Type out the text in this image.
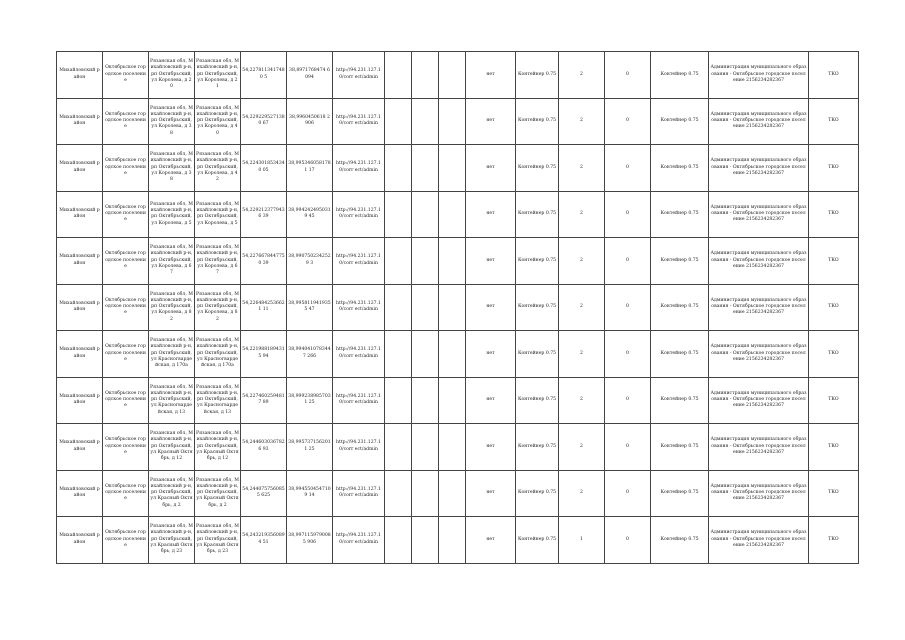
Михайловский район	Октябрьское городское поселение	Рязанская обл, Михайловский р-н, рп Октябрьский, ул Королева, д 20	Рязанская обл, Михайловский р-н, рп Октябрьский, ул Королева, д 21	54,2278113417480 5	38,8971768474 6094	http://94.231.127.10/corr ect/admin				нет	Контейнер 0.75	2	0	Контейнер 0.75	Администрация муниципального образования - Октябрьское городское поселение 2156234282367	ТКО
Михайловский район	Октябрьское городское поселение	Рязанская обл, Михайловский р-н, рп Октябрьский, ул Королева, д 38	Рязанская обл, Михайловский р-н, рп Октябрьский, ул Королева, д 40	54,2292295271380 67	38,9960450618 2906	http://94.231.127.10/corr ect/admin				нет	Контейнер 0.75	2	0	Контейнер 0.75	Администрация муниципального образования - Октябрьское городское поселение 2156234282367	ТКО
Михайловский район	Октябрьское городское поселение	Рязанская обл, Михайловский р-н, рп Октябрьский, ул Королева, д 38	Рязанская обл, Михайловский р-н, рп Октябрьский, ул Королева, д 42	54,2243018534340 05	38,9953460581781 17	http://94.231.127.10/corr ect/admin				нет	Контейнер 0.75	2	0	Контейнер 0.75	Администрация муниципального образования - Октябрьское городское поселение 2156234282367	ТКО
Михайловский район	Октябрьское городское поселение	Рязанская обл, Михайловский р-н, рп Октябрьский, ул Королева, д 5	Рязанская обл, Михайловский р-н, рп Октябрьский, ул Королева, д 5	54,2292123779436 39	38,9942424950319 45	http://94.231.127.10/corr ect/admin				нет	Контейнер 0.75	2	0	Контейнер 0.75	Администрация муниципального образования - Октябрьское городское поселение 2156234282367	ТКО
Михайловский район	Октябрьское городское поселение	Рязанская обл, Михайловский р-н, рп Октябрьский, ул Королева, д 67	Рязанская обл, Михайловский р-н, рп Октябрьский, ул Королева, д 67	54,2276678447750 39	38,9907502342529 3	http://94.231.127.10/corr ect/admin				нет	Контейнер 0.75	2	0	Контейнер 0.75	Администрация муниципального образования - Октябрьское городское поселение 2156234282367	ТКО
Михайловский район	Октябрьское городское поселение	Рязанская обл, Михайловский р-н, рп Октябрьский, ул Королева, д 82	Рязанская обл, Михайловский р-н, рп Октябрьский, ул Королева, д 82	54,2264842536621 11	38,9958119419355 47	http://94.231.127.10/corr ect/admin				нет	Контейнер 0.75	2	0	Контейнер 0.75	Администрация муниципального образования - Октябрьское городское поселение 2156234282367	ТКО
Михайловский район	Октябрьское городское поселение	Рязанская обл, Михайловский р-н, рп Октябрьский, ул Красногвардейская, д 170а	Рязанская обл, Михайловский р-н, рп Октябрьский, ул Красногвардейская, д 170а	54,2219881894315 94	38,9940410783447 266	http://94.231.127.10/corr ect/admin				нет	Контейнер 0.75	2	0	Контейнер 0.75	Администрация муниципального образования - Октябрьское городское поселение 2156234282367	ТКО
Михайловский район	Октябрьское городское поселение	Рязанская обл, Михайловский р-н, рп Октябрьский, ул Красногвардейская, д 13	Рязанская обл, Михайловский р-н, рп Октябрьский, ул Красногвардейская, д 13	54,2274602594817 89	38,9992389857031 25	http://94.231.127.10/corr ect/admin				нет	Контейнер 0.75	2	0	Контейнер 0.75	Администрация муниципального образования - Октябрьское городское поселение 2156234282367	ТКО
Михайловский район	Октябрьское городское поселение	Рязанская обл, Михайловский р-н, рп Октябрьский, ул Красный Октябрь, д 12	Рязанская обл, Михайловский р-н, рп Октябрьский, ул Красный Октябрь, д 12	54,2446030367826 93	38,9957371562011 25	http://94.231.127.10/corr ect/admin				нет	Контейнер 0.75	2	0	Контейнер 0.75	Администрация муниципального образования - Октябрьское городское поселение 2156234282367	ТКО
Михайловский район	Октябрьское городское поселение	Рязанская обл, Михайловский р-н, рп Октябрьский, ул Красный Октябрь, д 2	Рязанская обл, Михайловский р-н, рп Октябрьский, ул Красный Октябрь, д 2	54,2440757560855 625	38,9945504547109 14	http://94.231.127.10/corr ect/admin				нет	Контейнер 0.75	2	0	Контейнер 0.75	Администрация муниципального образования - Октябрьское городское поселение 2156234282367	ТКО
Михайловский район	Октябрьское городское поселение	Рязанская обл, Михайловский р-н, рп Октябрьский, ул Красный Октябрь, д 23	Рязанская обл, Михайловский р-н, рп Октябрьский, ул Красный Октябрь, д 23	54,2432193560894 51	38,9971159790085 906	http://94.231.127.10/corr ect/admin				нет	Контейнер 0.75	1	0	Контейнер 0.75	Администрация муниципального образования - Октябрьское городское поселение 2156234282367	ТКО
